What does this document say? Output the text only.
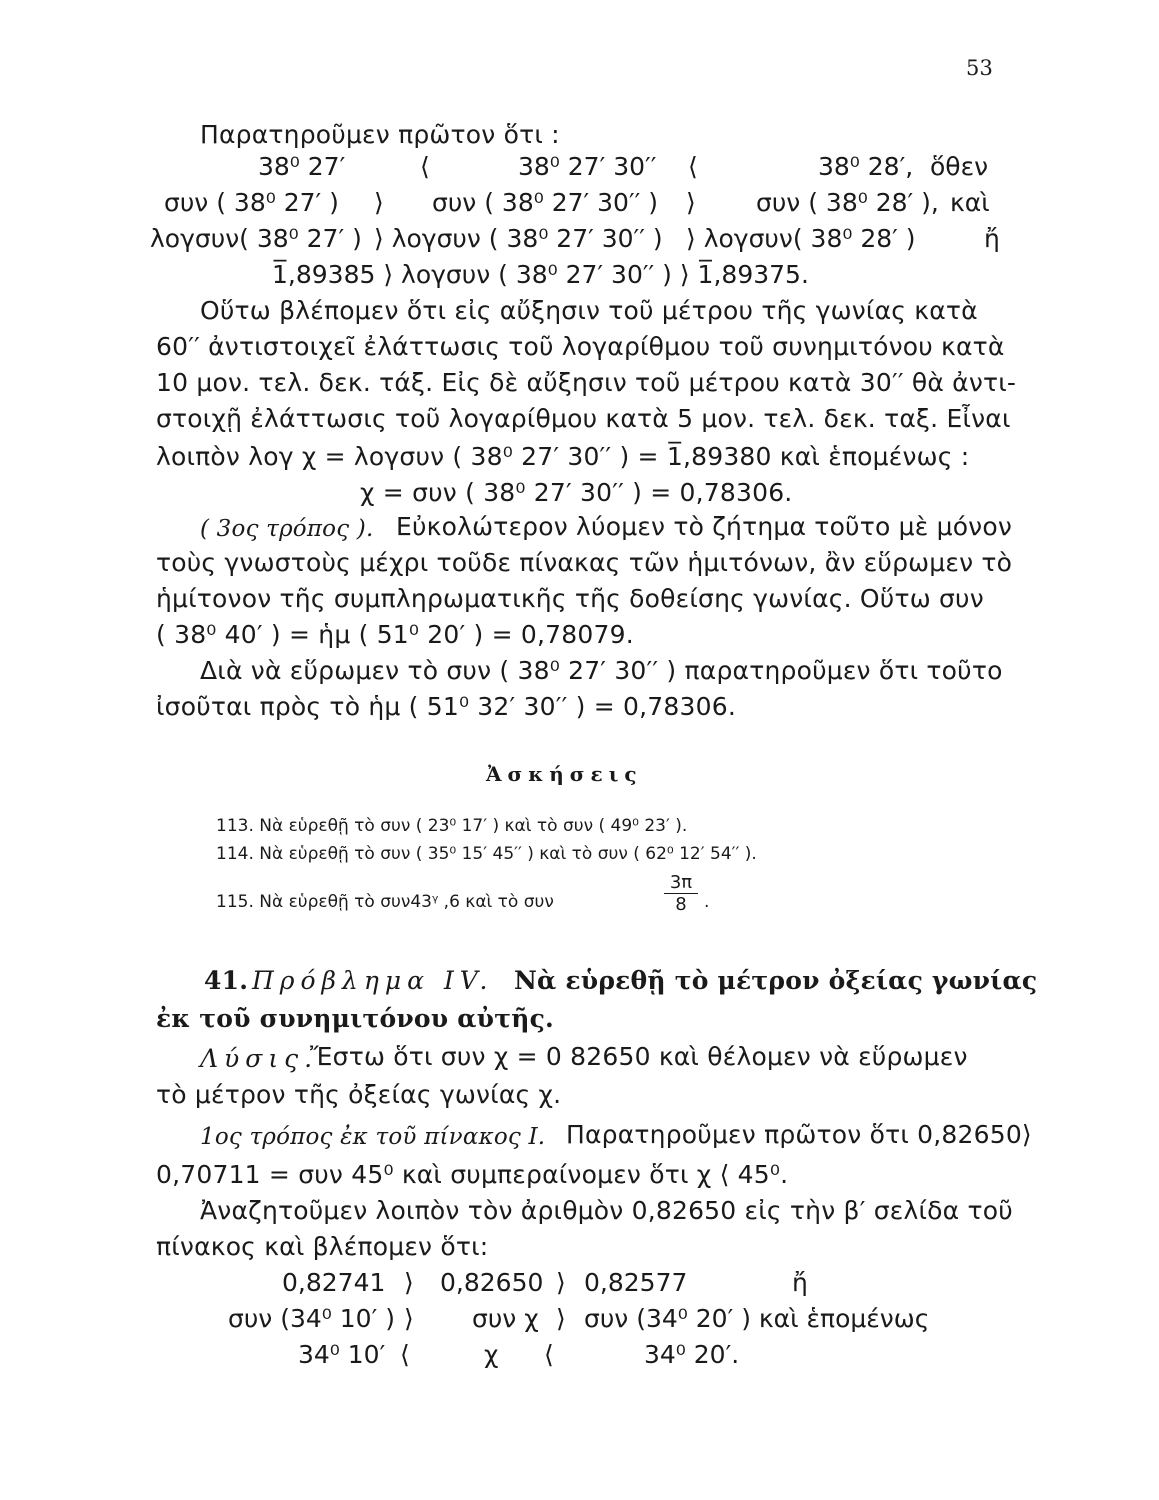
53
Παρατηροῦμεν πρῶτον ὅτι :
38⁰ 27′	⟨	38⁰ 27′ 30′′ ⟨	38⁰ 28′, ὅθεν
συν ( 38⁰ 27′ ) ⟩ συν ( 38⁰ 27′ 30′′ ) ⟩ συν ( 38⁰ 28′ ), καὶ
λογσυν( 38⁰ 27′ ) ⟩ λογσυν ( 38⁰ 27′ 30′′ ) ⟩ λογσυν( 38⁰ 28′ )	ἤ
1̅,89385 ⟩ λογσυν ( 38⁰ 27′ 30′′ ) ⟩ 1̅,89375.
Οὕτω βλέπομεν ὅτι εἰς αὔξησιν τοῦ μέτρου τῆς γωνίας κατὰ
60′′ ἀντιστοιχεῖ ἐλάττωσις τοῦ λογαρίθμου τοῦ συνημιτόνου κατὰ
10 μον. τελ. δεκ. τάξ. Εἰς δὲ αὔξησιν τοῦ μέτρου κατὰ 30′′ θὰ ἀντι-
στοιχῇ ἐλάττωσις τοῦ λογαρίθμου κατὰ 5 μον. τελ. δεκ. ταξ. Εἶναι
λοιπὸν λογ χ = λογσυν ( 38⁰ 27′ 30′′ ) = 1̅,89380 καὶ ἑπομένως :
χ = συν ( 38⁰ 27′ 30′′ ) = 0,78306.
( 3ος τρόπος ). Εὐκολώτερον λύομεν τὸ ζήτημα τοῦτο μὲ μόνον
τοὺς γνωστοὺς μέχρι τοῦδε πίνακας τῶν ἡμιτόνων, ἂν εὕρωμεν τὸ
ἡμίτονον τῆς συμπληρωματικῆς τῆς δοθείσης γωνίας. Οὕτω συν
( 38⁰ 40′ ) = ἡμ ( 51⁰ 20′ ) = 0,78079.
Διὰ νὰ εὕρωμεν τὸ συν ( 38⁰ 27′ 30′′ ) παρατηροῦμεν ὅτι τοῦτο
ἰσοῦται πρὸς τὸ ἡμ ( 51⁰ 32′ 30′′ ) = 0,78306.
Ἀσκήσεις
113. Νὰ εὑρεθῇ τὸ συν ( 23⁰ 17′ ) καὶ τὸ συν ( 49⁰ 23′ ).
114. Νὰ εὑρεθῇ τὸ συν ( 35⁰ 15′ 45′′ ) καὶ τὸ συν ( 62⁰ 12′ 54′′ ).
115. Νὰ εὑρεθῇ τὸ συν43ᵞ ,6 καὶ τὸ συν	$\frac{3\pi}{8}$ .
41. Πρόβλημα IV. Νὰ εὑρεθῇ τὸ μέτρον ὀξείας γωνίας
ἐκ τοῦ συνημιτόνου αὐτῆς.
Λύσις.
Ἔστω ὅτι συν χ = 0 82650 καὶ θέλομεν νὰ εὕρωμεν
τὸ μέτρον τῆς ὀξείας γωνίας χ.
1ος τρόπος ἐκ τοῦ πίνακος Ι. Παρατηροῦμεν πρῶτον ὅτι 0,82650⟩
0,70711 = συν 45⁰ καὶ συμπεραίνομεν ὅτι χ ⟨ 45⁰.
Ἀναζητοῦμεν λοιπὸν τὸν ἀριθμὸν 0,82650 εἰς τὴν β′ σελίδα τοῦ
πίνακος καὶ βλέπομεν ὅτι:
0,82741 ⟩ 0,82650 ⟩ 0,82577	ἤ
συν (34⁰ 10′ ) ⟩ συν χ ⟩ συν (34⁰ 20′ ) καὶ ἑπομένως
34⁰ 10′ ⟨	χ ⟨	34⁰ 20′.
